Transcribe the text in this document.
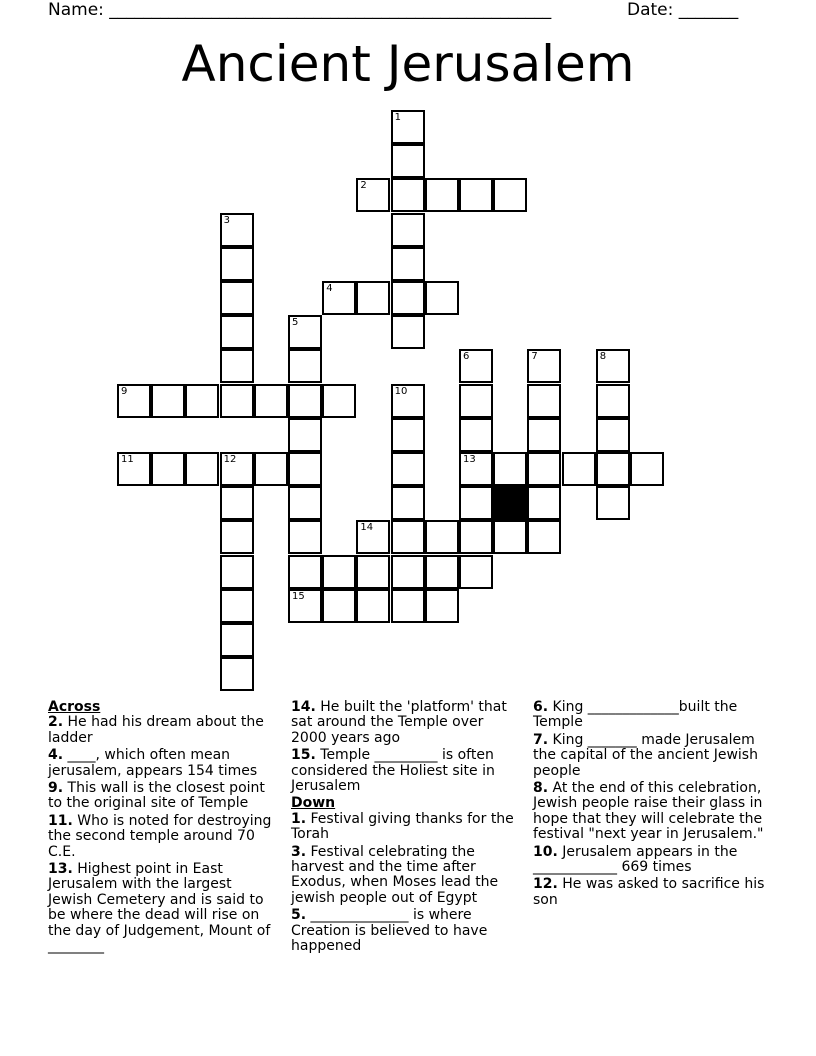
Name: ____________________________________________________	Date: _______
Ancient Jerusalem
1
2
3
4
5
15
6
13
7	8
9	10
11	12
14
Across
2. He had his dream about the ladder
4. ____, which often mean jerusalem, appears 154 times
9. This wall is the closest point to the original site of Temple
11. Who is noted for destroying the second temple around 70 C.E.
13. Highest point in East Jerusalem with the largest Jewish Cemetery and is said to be where the dead will rise on the day of Judgement, Mount of ________
14. He built the 'platform' that sat around the Temple over 2000 years ago
15. Temple _________ is often considered the Holiest site in Jerusalem
Down
1. Festival giving thanks for the Torah
3. Festival celebrating the harvest and the time after Exodus, when Moses lead the jewish people out of Egypt
5. ______________ is where Creation is believed to have happened
6. King _____________built the Temple
7. King _______ made Jerusalem the capital of the ancient Jewish people
8. At the end of this celebration, Jewish people raise their glass in hope that they will celebrate the festival "next year in Jerusalem."
10. Jerusalem appears in the ____________ 669 times
12. He was asked to sacrifice his son
